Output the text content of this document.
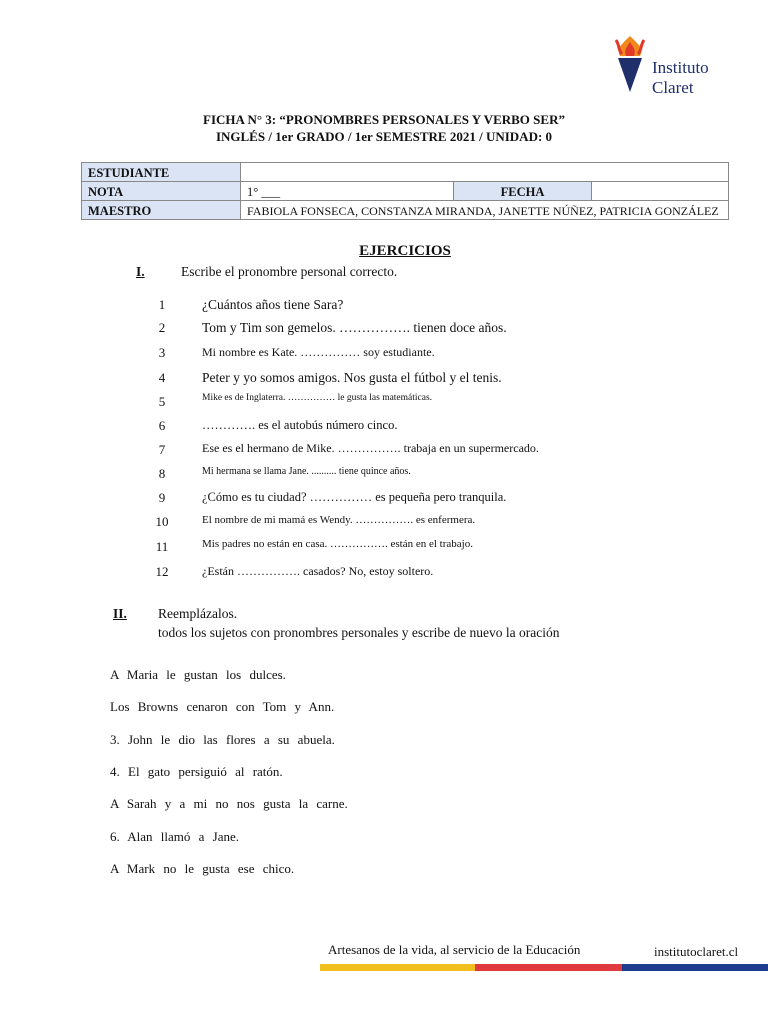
Instituto
Claret
FICHA N° 3: “PRONOMBRES PERSONALES Y VERBO SER”
INGLÉS / 1er GRADO / 1er SEMESTRE 2021 / UNIDAD: 0
ESTUDIANTE			
NOTA	1° ___	FECHA	
MAESTRO	FABIOLA FONSECA, CONSTANZA MIRANDA, JANETTE NÚÑEZ, PATRICIA GONZÁLEZ		
EJERCICIOS
I.	Escribe el pronombre personal correcto.
1	¿Cuántos años tiene Sara?
2	Tom y Tim son gemelos. ……………. tienen doce años.
3	Mi nombre es Kate. …………… soy estudiante.
4	Peter y yo somos amigos. Nos gusta el fútbol y el tenis.
5	Mike es de Inglaterra. …………… le gusta las matemáticas.
6	…………. es el autobús número cinco.
7	Ese es el hermano de Mike. ……………. trabaja en un supermercado.
8	Mi hermana se llama Jane. .......... tiene quince años.
9	¿Cómo es tu ciudad? …………… es pequeña pero tranquila.
10	El nombre de mi mamá es Wendy. ……………. es enfermera.
11	Mis padres no están en casa. ……………. están en el trabajo.
12	¿Están ……………. casados? No, estoy soltero.
II. Reemplázalos.
todos los sujetos con pronombres personales y escribe de nuevo la oración
A Maria le gustan los dulces.
Los Browns cenaron con Tom y Ann.
3. John le dio las flores a su abuela.
4. El gato persiguió al ratón.
A Sarah y a mi no nos gusta la carne.
6. Alan llamó a Jane.
A Mark no le gusta ese chico.
Artesanos de la vida, al servicio de la Educación	institutoclaret.cl
